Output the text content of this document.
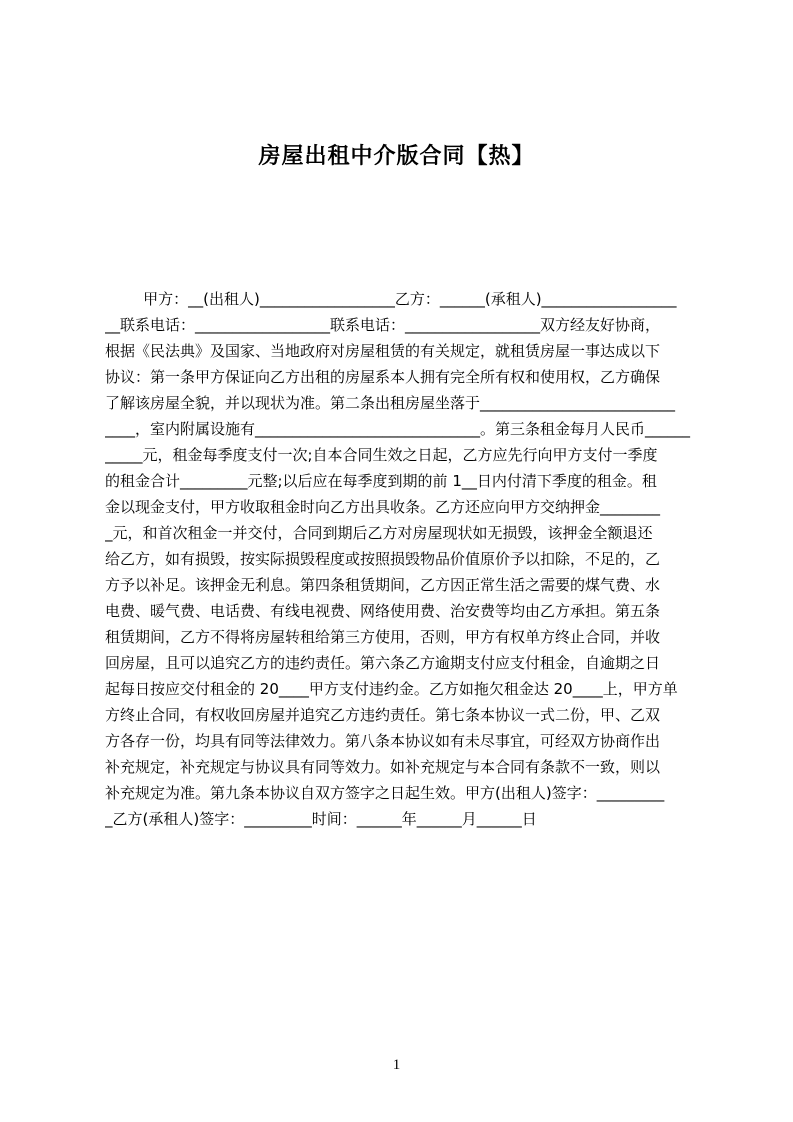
房屋出租中介版合同【热】
甲方：__(出租人)__________________乙方：______(承租人)__________________
__联系电话：__________________联系电话：__________________双方经友好协商，
根据《民法典》及国家、当地政府对房屋租赁的有关规定，就租赁房屋一事达成以下
协议：第一条甲方保证向乙方出租的房屋系本人拥有完全所有权和使用权，乙方确保
了解该房屋全貌，并以现状为准。第二条出租房屋坐落于__________________________
____，室内附属设施有______________________________。第三条租金每月人民币______
_____元，租金每季度支付一次;自本合同生效之日起，乙方应先行向甲方支付一季度
的租金合计_________元整;以后应在每季度到期的前 1__日内付清下季度的租金。租
金以现金支付，甲方收取租金时向乙方出具收条。乙方还应向甲方交纳押金________
_元，和首次租金一并交付，合同到期后乙方对房屋现状如无损毁，该押金全额退还
给乙方，如有损毁，按实际损毁程度或按照损毁物品价值原价予以扣除，不足的，乙
方予以补足。该押金无利息。第四条租赁期间，乙方因正常生活之需要的煤气费、水
电费、暖气费、电话费、有线电视费、网络使用费、治安费等均由乙方承担。第五条
租赁期间，乙方不得将房屋转租给第三方使用，否则，甲方有权单方终止合同，并收
回房屋，且可以追究乙方的违约责任。第六条乙方逾期支付应支付租金，自逾期之日
起每日按应交付租金的 20____甲方支付违约金。乙方如拖欠租金达 20____上，甲方单
方终止合同，有权收回房屋并追究乙方违约责任。第七条本协议一式二份，甲、乙双
方各存一份，均具有同等法律效力。第八条本协议如有未尽事宜，可经双方协商作出
补充规定，补充规定与协议具有同等效力。如补充规定与本合同有条款不一致，则以
补充规定为准。第九条本协议自双方签字之日起生效。甲方(出租人)签字：_________
_乙方(承租人)签字：_________时间：______年______月______日
1
